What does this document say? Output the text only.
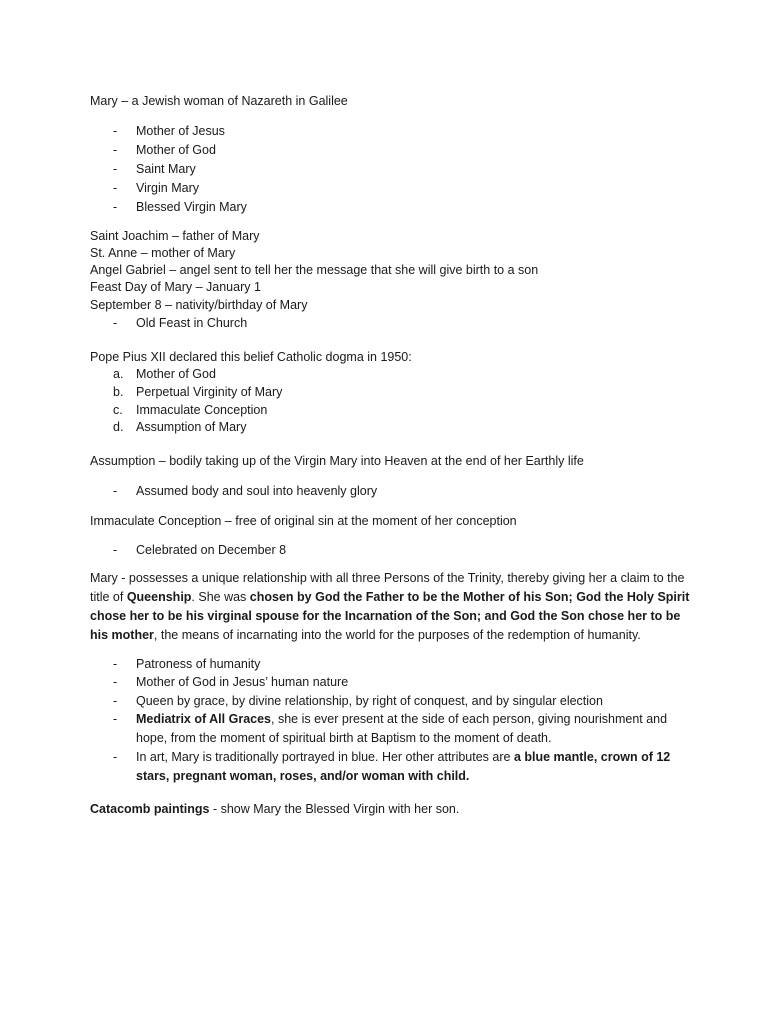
Mary – a Jewish woman of Nazareth in Galilee
- Mother of Jesus
- Mother of God
- Saint Mary
- Virgin Mary
- Blessed Virgin Mary
Saint Joachim – father of Mary
St. Anne – mother of Mary
Angel Gabriel – angel sent to tell her the message that she will give birth to a son
Feast Day of Mary – January 1
September 8 – nativity/birthday of Mary
- Old Feast in Church
Pope Pius XII declared this belief Catholic dogma in 1950:
a. Mother of God
b. Perpetual Virginity of Mary
c. Immaculate Conception
d. Assumption of Mary
Assumption – bodily taking up of the Virgin Mary into Heaven at the end of her Earthly life
- Assumed body and soul into heavenly glory
Immaculate Conception – free of original sin at the moment of her conception
- Celebrated on December 8
Mary - possesses a unique relationship with all three Persons of the Trinity, thereby giving her a claim to the title of Queenship. She was chosen by God the Father to be the Mother of his Son; God the Holy Spirit chose her to be his virginal spouse for the Incarnation of the Son; and God the Son chose her to be his mother, the means of incarnating into the world for the purposes of the redemption of humanity.
- Patroness of humanity
- Mother of God in Jesus’ human nature
- Queen by grace, by divine relationship, by right of conquest, and by singular election
-	Mediatrix of All Graces, she is ever present at the side of each person, giving nourishment and hope, from the moment of spiritual birth at Baptism to the moment of death.
-	In art, Mary is traditionally portrayed in blue. Her other attributes are a blue mantle, crown of 12 stars, pregnant woman, roses, and/or woman with child.
Catacomb paintings - show Mary the Blessed Virgin with her son.
